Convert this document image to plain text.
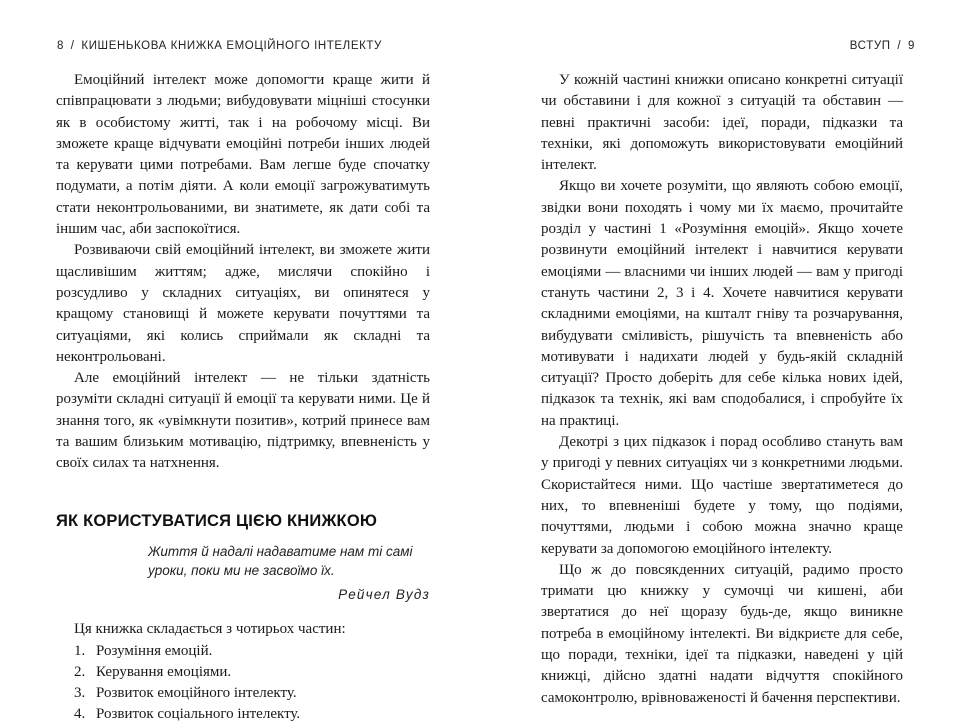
8 / КИШЕНЬКОВА КНИЖКА ЕМОЦІЙНОГО ІНТЕЛЕКТУ

Емоційний інтелект може допомогти краще жити й співпрацювати з людьми; вибудовувати міцніші стосунки як в особистому житті, так і на робочому місці. Ви зможете краще відчувати емоційні потреби інших людей та керувати цими потребами. Вам легше буде спочатку подумати, а потім діяти. А коли емоції загрожуватимуть стати неконтрольованими, ви знатимете, як дати собі та іншим час, аби заспокоїтися.

Розвиваючи свій емоційний інтелект, ви зможете жити щасливішим життям; адже, мислячи спокійно і розсудливо у складних ситуаціях, ви опинятеся у кращому становищі й можете керувати почуттями та ситуаціями, які колись сприймали як складні та неконтрольовані.

Але емоційний інтелект — не тільки здатність розуміти складні ситуації й емоції та керувати ними. Це й знання того, як «увімкнути позитив», котрий принесе вам та вашим близьким мотивацію, підтримку, впевненість у своїх силах та натхнення.

ЯК КОРИСТУВАТИСЯ ЦІЄЮ КНИЖКОЮ
Життя й надалі надаватиме нам ті самі уроки, поки ми не засвоїмо їх.
Рейчел Вудз

Ця книжка складається з чотирьох частин:

1. Розуміння емоцій.
2. Керування емоціями.
3. Розвиток емоційного інтелекту.
4. Розвиток соціального інтелекту.
ВСТУП / 9

У кожній частині книжки описано конкретні ситуації чи обставини і для кожної з ситуацій та обставин — певні практичні засоби: ідеї, поради, підказки та техніки, які допоможуть використовувати емоційний інтелект.

Якщо ви хочете розуміти, що являють собою емоції, звідки вони походять і чому ми їх маємо, прочитайте розділ у частині 1 «Розуміння емоцій». Якщо хочете розвинути емоційний інтелект і навчитися керувати емоціями — власними чи інших людей — вам у пригоді стануть частини 2, 3 і 4. Хочете навчитися керувати складними емоціями, на кшталт гніву та розчарування, вибудувати сміливість, рішучість та впевненість або мотивувати і надихати людей у будь-якій складній ситуації? Просто доберіть для себе кілька нових ідей, підказок та технік, які вам сподобалися, і спробуйте їх на практиці.

Декотрі з цих підказок і порад особливо стануть вам у пригоді у певних ситуаціях чи з конкретними людьми. Скористайтеся ними. Що частіше звертатиметеся до них, то впевненіші будете у тому, що подіями, почуттями, людьми і собою можна значно краще керувати за допомогою емоційного інтелекту.

Що ж до повсякденних ситуацій, радимо просто тримати цю книжку у сумочці чи кишені, аби звертатися до неї щоразу будь-де, якщо виникне потреба в емоційному інтелекті. Ви відкриєте для себе, що поради, техніки, ідеї та підказки, наведені у цій книжці, дійсно здатні надати відчуття спокійного самоконтролю, врівноваженості й бачення перспективи.
